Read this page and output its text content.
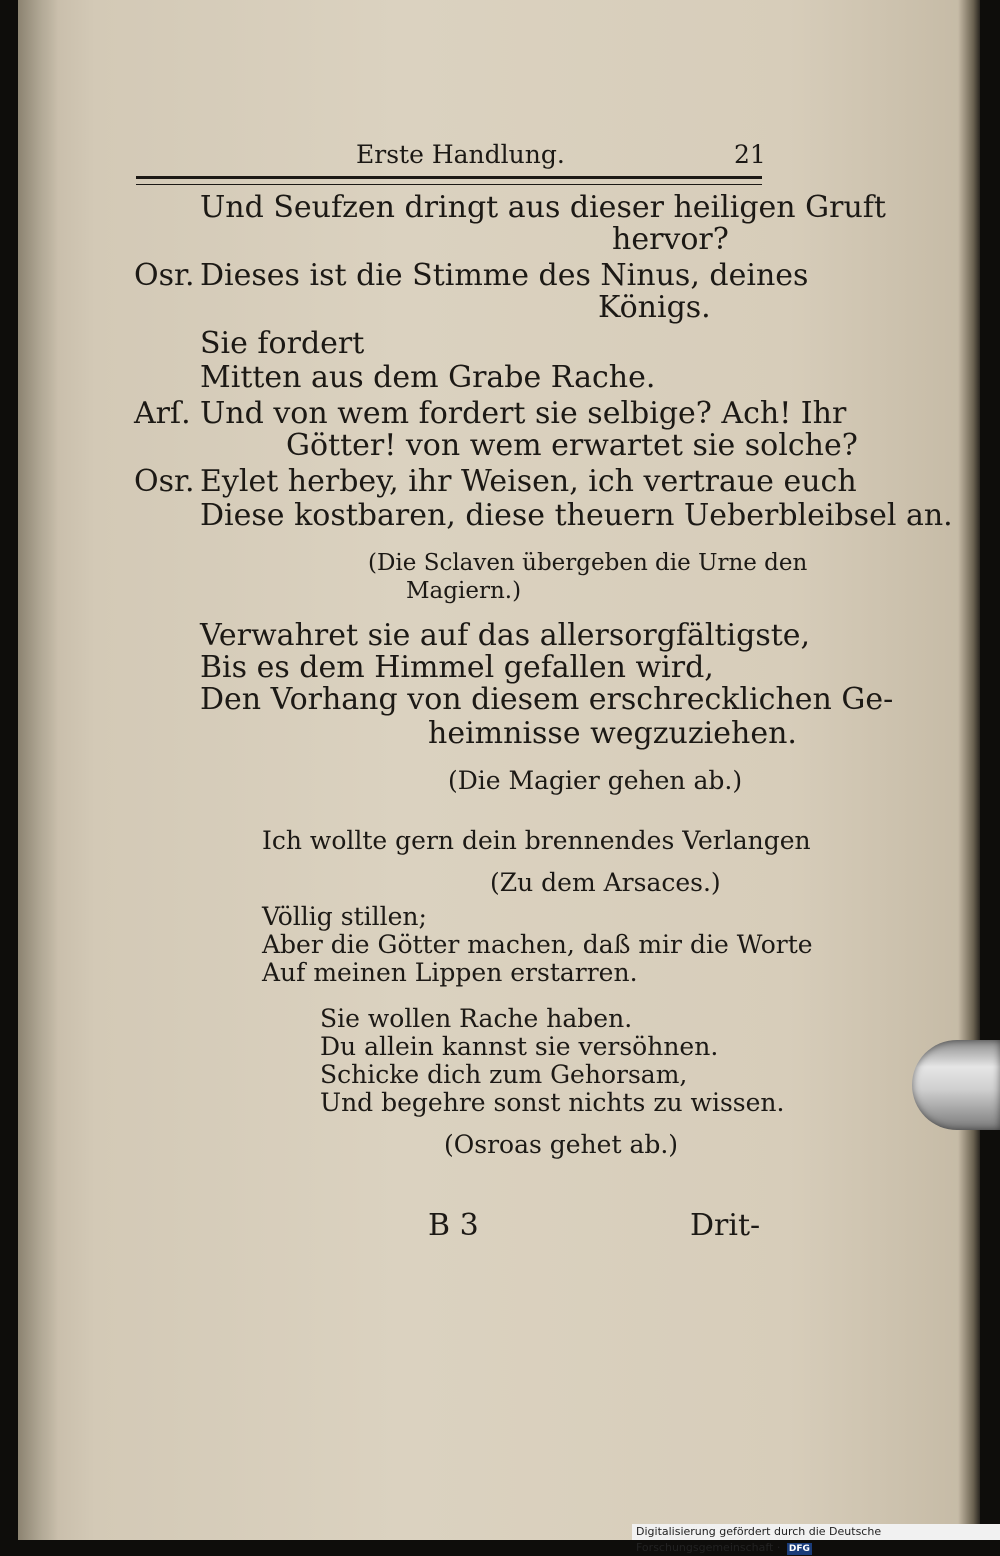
Erste Handlung.	21
Und Seufzen dringt aus dieser heiligen Gruft
hervor?
Osr. Dieses ist die Stimme des Ninus, deines
Königs.
Sie fordert
Mitten aus dem Grabe Rache.
Arſ. Und von wem fordert sie selbige? Ach! Ihr
Götter! von wem erwartet sie solche?
Osr. Eylet herbey, ihr Weisen, ich vertraue euch
Diese kostbaren, diese theuern Ueberbleibsel an.
(Die Sclaven übergeben die Urne den
Magiern.)
Verwahret sie auf das allersorgfältigste,
Bis es dem Himmel gefallen wird,
Den Vorhang von diesem erschrecklichen Ge-
heimnisse wegzuziehen.
(Die Magier gehen ab.)
Ich wollte gern dein brennendes Verlangen
(Zu dem Arsaces.)
Völlig stillen;
Aber die Götter machen, daß mir die Worte
Auf meinen Lippen erstarren.
Sie wollen Rache haben.
Du allein kannst sie versöhnen.
Schicke dich zum Gehorsam,
Und begehre sonst nichts zu wissen.
(Osroas gehet ab.)
B 3	Drit-
Digitalisierung gefördert durch die Deutsche Forschungsgemeinschaft · DFG
